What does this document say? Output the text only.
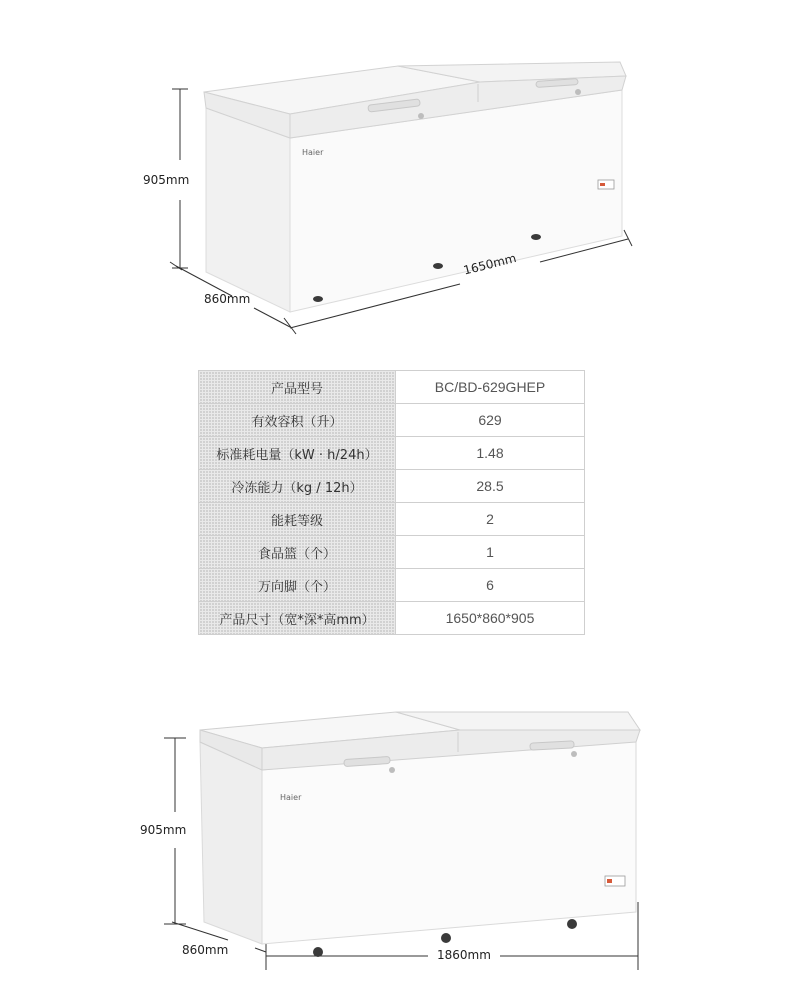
Haier
905mm
860mm
1650mm
产品型号	BC/BD-629GHEP
有效容积（升）	629
标准耗电量（kW · h/24h）	1.48
冷冻能力（kg / 12h）	28.5
能耗等级	2
食品篮（个）	1
万向脚（个）	6
产品尺寸（宽*深*高mm）	1650*860*905
Haier
905mm
860mm	1860mm
